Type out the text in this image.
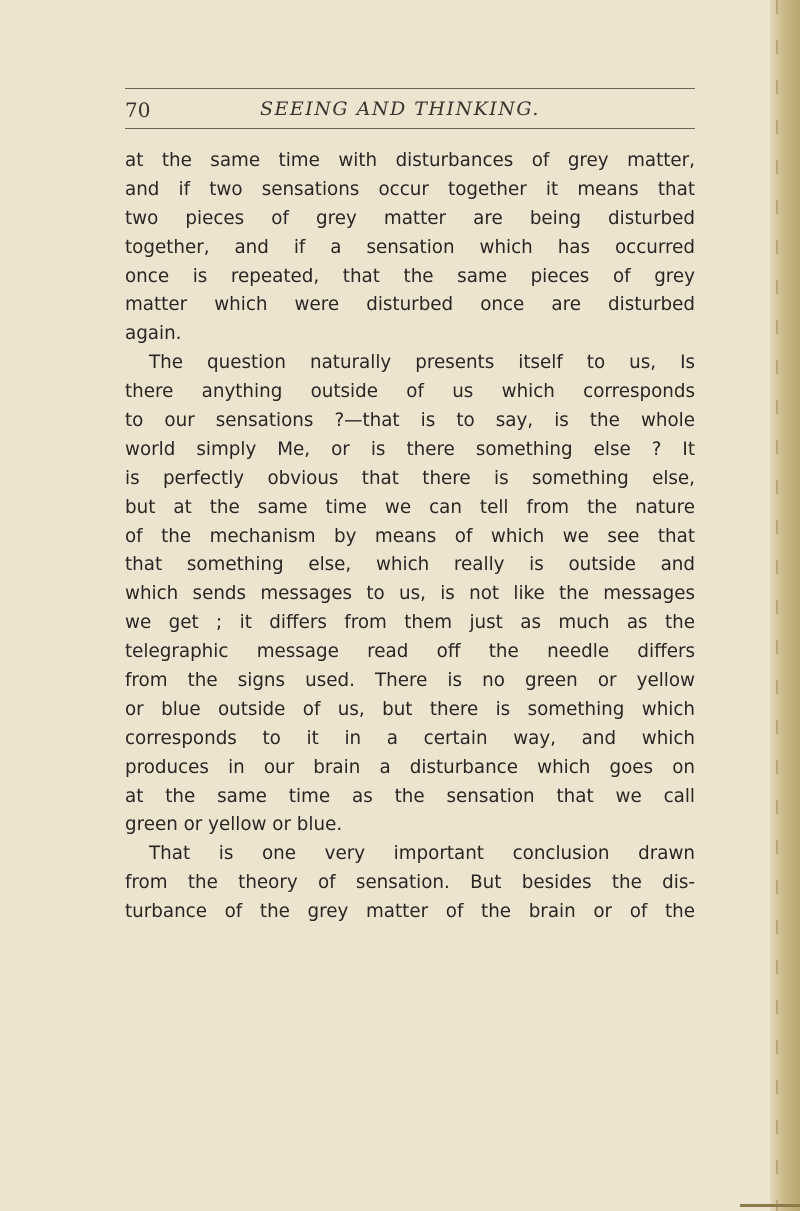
70	SEEING AND THINKING.
at the same time with disturbances of grey matter,
and if two sensations occur together it means that
two pieces of grey matter are being disturbed
together, and if a sensation which has occurred
once is repeated, that the same pieces of grey
matter which were disturbed once are disturbed
again.
The question naturally presents itself to us, Is
there anything outside of us which corresponds
to our sensations ?—that is to say, is the whole
world simply Me, or is there something else ? It
is perfectly obvious that there is something else,
but at the same time we can tell from the nature
of the mechanism by means of which we see that
that something else, which really is outside and
which sends messages to us, is not like the messages
we get ; it differs from them just as much as the
telegraphic message read off the needle differs
from the signs used. There is no green or yellow
or blue outside of us, but there is something which
corresponds to it in a certain way, and which
produces in our brain a disturbance which goes on
at the same time as the sensation that we call
green or yellow or blue.
That is one very important conclusion drawn
from the theory of sensation. But besides the dis-
turbance of the grey matter of the brain or of the
